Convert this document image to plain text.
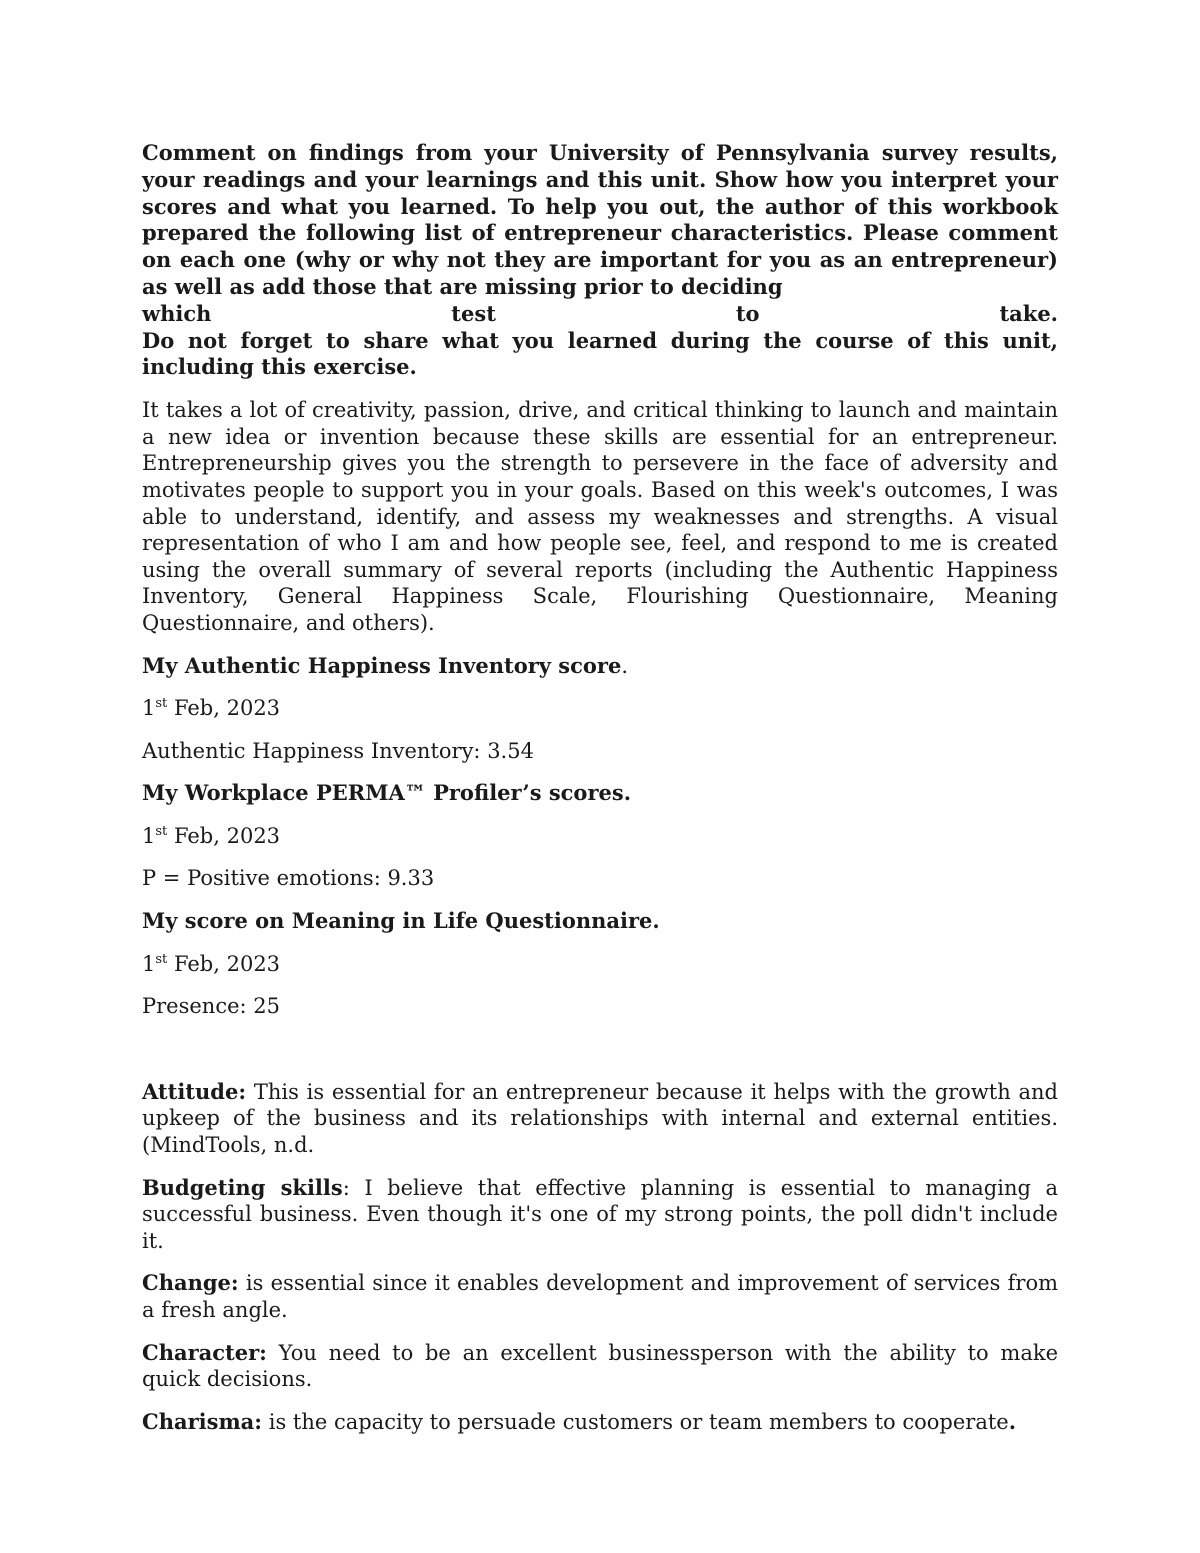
Comment on findings from your University of Pennsylvania survey results, your readings and your learnings and this unit. Show how you interpret your scores and what you learned. To help you out, the author of this workbook prepared the following list of entrepreneur characteristics. Please comment on each one (why or why not they are important for you as an entrepreneur) as well as add those that are missing prior to deciding
which test to take.
Do not forget to share what you learned during the course of this unit, including this exercise.

It takes a lot of creativity, passion, drive, and critical thinking to launch and maintain a new idea or invention because these skills are essential for an entrepreneur. Entrepreneurship gives you the strength to persevere in the face of adversity and motivates people to support you in your goals. Based on this week's outcomes, I was able to understand, identify, and assess my weaknesses and strengths. A visual representation of who I am and how people see, feel, and respond to me is created using the overall summary of several reports (including the Authentic Happiness Inventory, General Happiness Scale, Flourishing Questionnaire, Meaning Questionnaire, and others).

My Authentic Happiness Inventory score.

1st Feb, 2023

Authentic Happiness Inventory: 3.54

My Workplace PERMA™ Profiler’s scores.

1st Feb, 2023

P = Positive emotions: 9.33

My score on Meaning in Life Questionnaire.

1st Feb, 2023

Presence: 25

Attitude: This is essential for an entrepreneur because it helps with the growth and upkeep of the business and its relationships with internal and external entities. (MindTools, n.d.

Budgeting skills: I believe that effective planning is essential to managing a successful business. Even though it's one of my strong points, the poll didn't include it.

Change: is essential since it enables development and improvement of services from a fresh angle.

Character: You need to be an excellent businessperson with the ability to make quick decisions.

Charisma: is the capacity to persuade customers or team members to cooperate.
